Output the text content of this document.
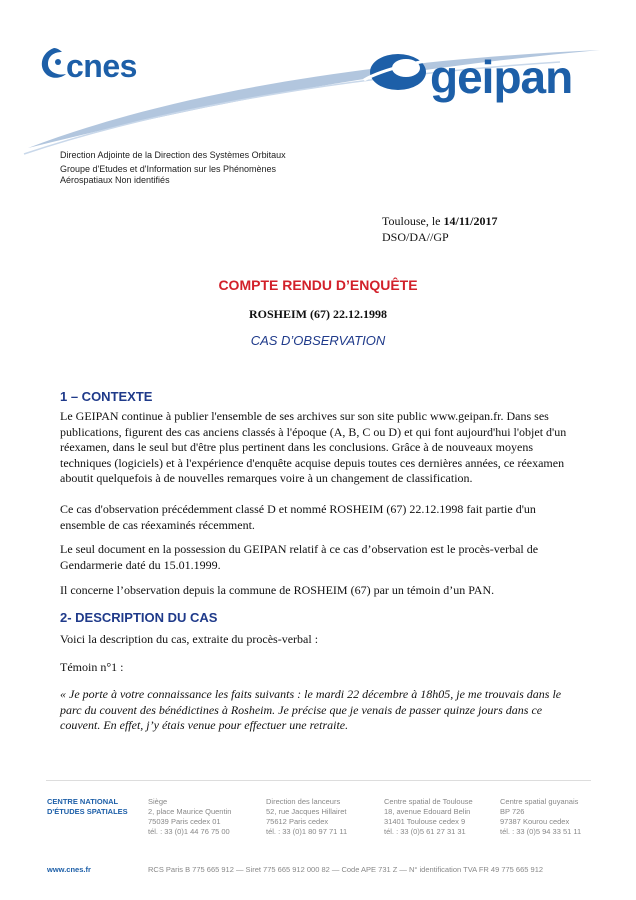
cnes	geipan
Direction Adjointe de la Direction des Systèmes Orbitaux
Groupe d'Etudes et d'Information sur les Phénomènes
Aérospatiaux Non identifiés
Toulouse, le 14/11/2017
DSO/DA//GP
COMPTE RENDU D’ENQUÊTE
ROSHEIM (67) 22.12.1998
CAS D’OBSERVATION
1 – CONTEXTE
Le GEIPAN continue à publier l'ensemble de ses archives sur son site public www.geipan.fr. Dans ses publications, figurent des cas anciens classés à l'époque (A, B, C ou D) et qui font aujourd'hui l'objet d'un réexamen, dans le seul but d'être plus pertinent dans les conclusions. Grâce à de nouveaux moyens techniques (logiciels) et à l'expérience d'enquête acquise depuis toutes ces dernières années, ce réexamen aboutit quelquefois à de nouvelles remarques voire à un changement de classification.
Ce cas d'observation précédemment classé D et nommé ROSHEIM (67) 22.12.1998 fait partie d'un ensemble de cas réexaminés récemment.
Le seul document en la possession du GEIPAN relatif à ce cas d’observation est le procès-verbal de Gendarmerie daté du 15.01.1999.
Il concerne l’observation depuis la commune de ROSHEIM (67) par un témoin d’un PAN.
2- DESCRIPTION DU CAS
Voici la description du cas, extraite du procès-verbal :
Témoin n°1 :
« Je porte à votre connaissance les faits suivants : le mardi 22 décembre à 18h05, je me trouvais dans le parc du couvent des bénédictines à Rosheim. Je précise que je venais de passer quinze jours dans ce couvent. En effet, j’y étais venue pour effectuer une retraite.
CENTRE NATIONAL
D'ÉTUDES SPATIALES
Siège
2, place Maurice Quentin
75039 Paris cedex 01
tél. : 33 (0)1 44 76 75 00
Direction des lanceurs
52, rue Jacques Hillairet
75612 Paris cedex
tél. : 33 (0)1 80 97 71 11
Centre spatial de Toulouse
18, avenue Edouard Belin
31401 Toulouse cedex 9
tél. : 33 (0)5 61 27 31 31
Centre spatial guyanais
BP 726
97387 Kourou cedex
tél. : 33 (0)5 94 33 51 11
www.cnes.fr	RCS Paris B 775 665 912 — Siret 775 665 912 000 82 — Code APE 731 Z — N° identification TVA FR 49 775 665 912
